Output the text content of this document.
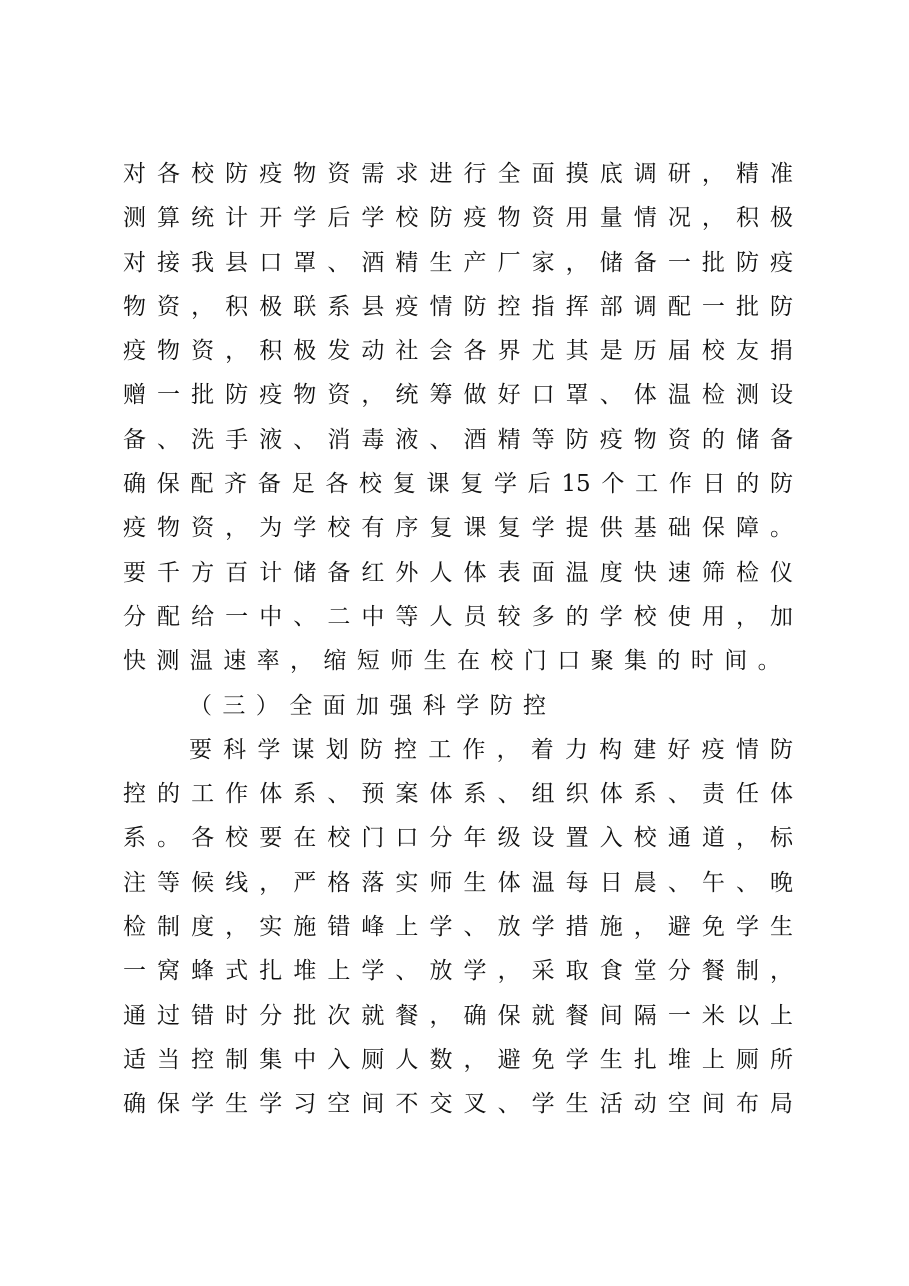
对各校防疫物资需求进行全面摸底调研，精准
测算统计开学后学校防疫物资用量情况，积极
对接我县口罩、酒精生产厂家，储备一批防疫
物资，积极联系县疫情防控指挥部调配一批防
疫物资，积极发动社会各界尤其是历届校友捐
赠一批防疫物资，统筹做好口罩、体温检测设
备、洗手液、消毒液、酒精等防疫物资的储备
确保配齐备足各校复课复学后15个工作日的防
疫物资，为学校有序复课复学提供基础保障。
要千方百计储备红外人体表面温度快速筛检仪
分配给一中、二中等人员较多的学校使用，加
快测温速率，缩短师生在校门口聚集的时间。
（三）全面加强科学防控
要科学谋划防控工作，着力构建好疫情防
控的工作体系、预案体系、组织体系、责任体
系。各校要在校门口分年级设置入校通道，标
注等候线，严格落实师生体温每日晨、午、晚
检制度，实施错峰上学、放学措施，避免学生
一窝蜂式扎堆上学、放学，采取食堂分餐制，
通过错时分批次就餐，确保就餐间隔一米以上
适当控制集中入厕人数，避免学生扎堆上厕所
确保学生学习空间不交叉、学生活动空间布局
